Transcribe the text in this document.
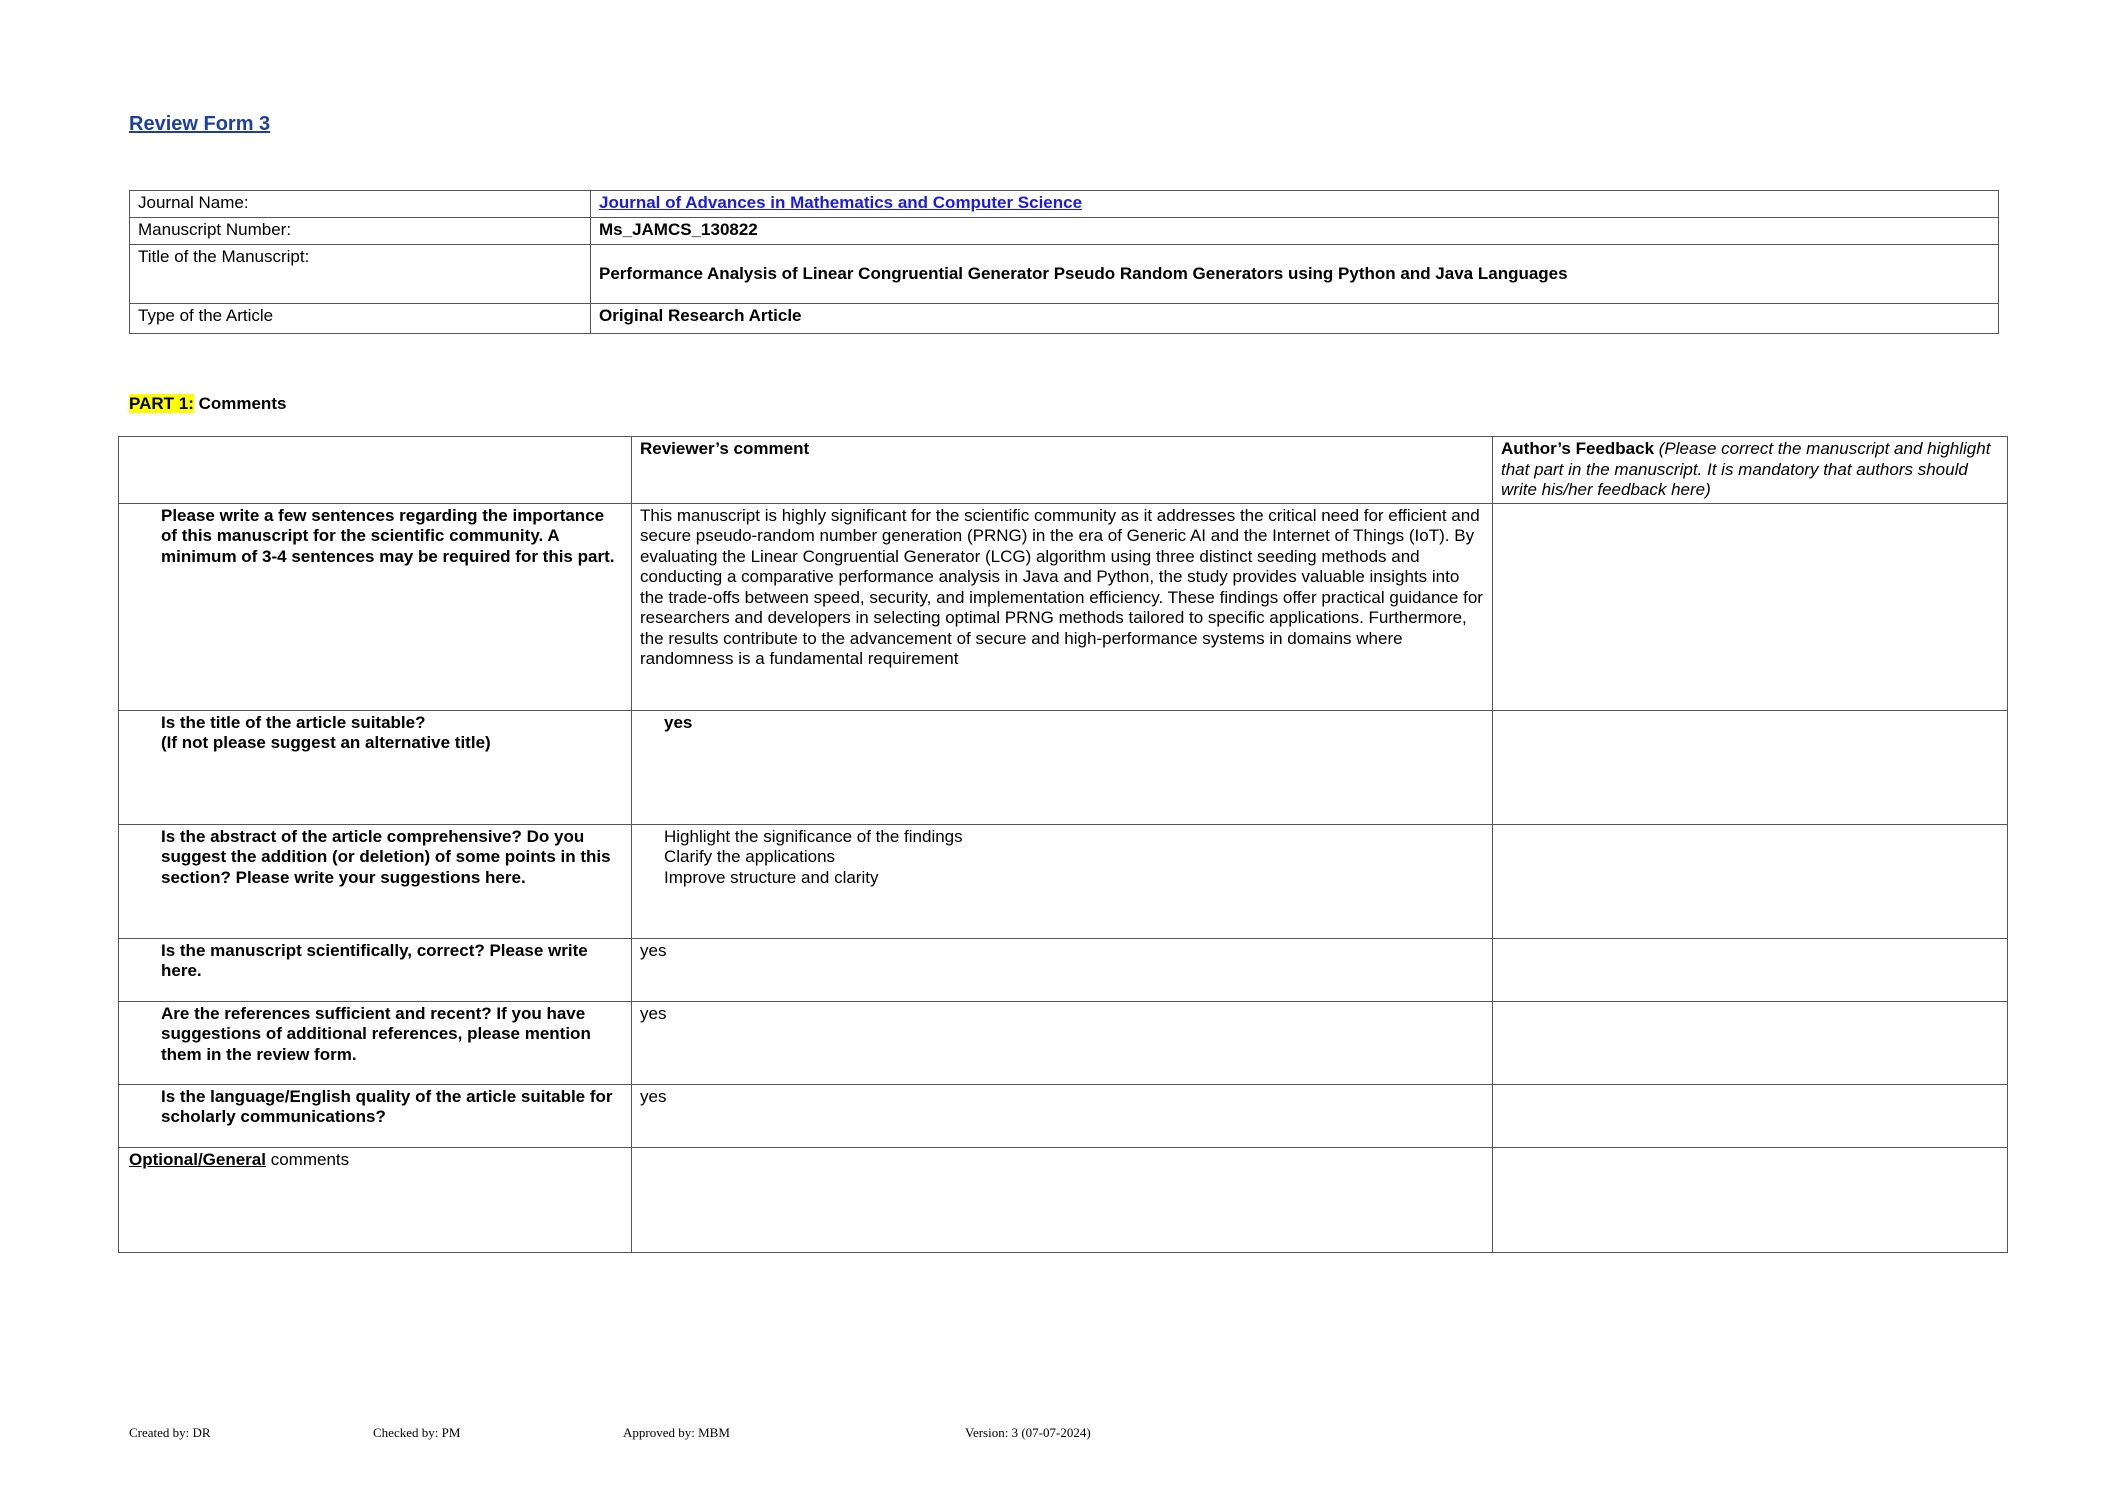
Review Form 3
Journal Name:	Journal of Advances in Mathematics and Computer Science
Manuscript Number:	Ms_JAMCS_130822
Title of the Manuscript:	Performance Analysis of Linear Congruential Generator Pseudo Random Generators using Python and Java Languages
Type of the Article	Original Research Article
PART 1: Comments
	Reviewer’s comment	Author’s Feedback (Please correct the manuscript and highlight that part in the manuscript. It is mandatory that authors should write his/her feedback here)
Please write a few sentences regarding the importance of this manuscript for the scientific community. A minimum of 3-4 sentences may be required for this part.	This manuscript is highly significant for the scientific community as it addresses the critical need for efficient and secure pseudo-random number generation (PRNG) in the era of Generic AI and the Internet of Things (IoT). By evaluating the Linear Congruential Generator (LCG) algorithm using three distinct seeding methods and conducting a comparative performance analysis in Java and Python, the study provides valuable insights into the trade-offs between speed, security, and implementation efficiency. These findings offer practical guidance for researchers and developers in selecting optimal PRNG methods tailored to specific applications. Furthermore, the results contribute to the advancement of secure and high-performance systems in domains where randomness is a fundamental requirement	
Is the title of the article suitable?
(If not please suggest an alternative title)	yes	
Is the abstract of the article comprehensive? Do you suggest the addition (or deletion) of some points in this section? Please write your suggestions here.	Highlight the significance of the findings
Clarify the applications
Improve structure and clarity	

Is the manuscript scientifically, correct? Please write here.	yes	
Are the references sufficient and recent? If you have suggestions of additional references, please mention them in the review form.	yes	
Is the language/English quality of the article suitable for scholarly communications?	yes	
Optional/General comments		
Created by: DR	Checked by: PM	Approved by: MBM	Version: 3 (07-07-2024)
